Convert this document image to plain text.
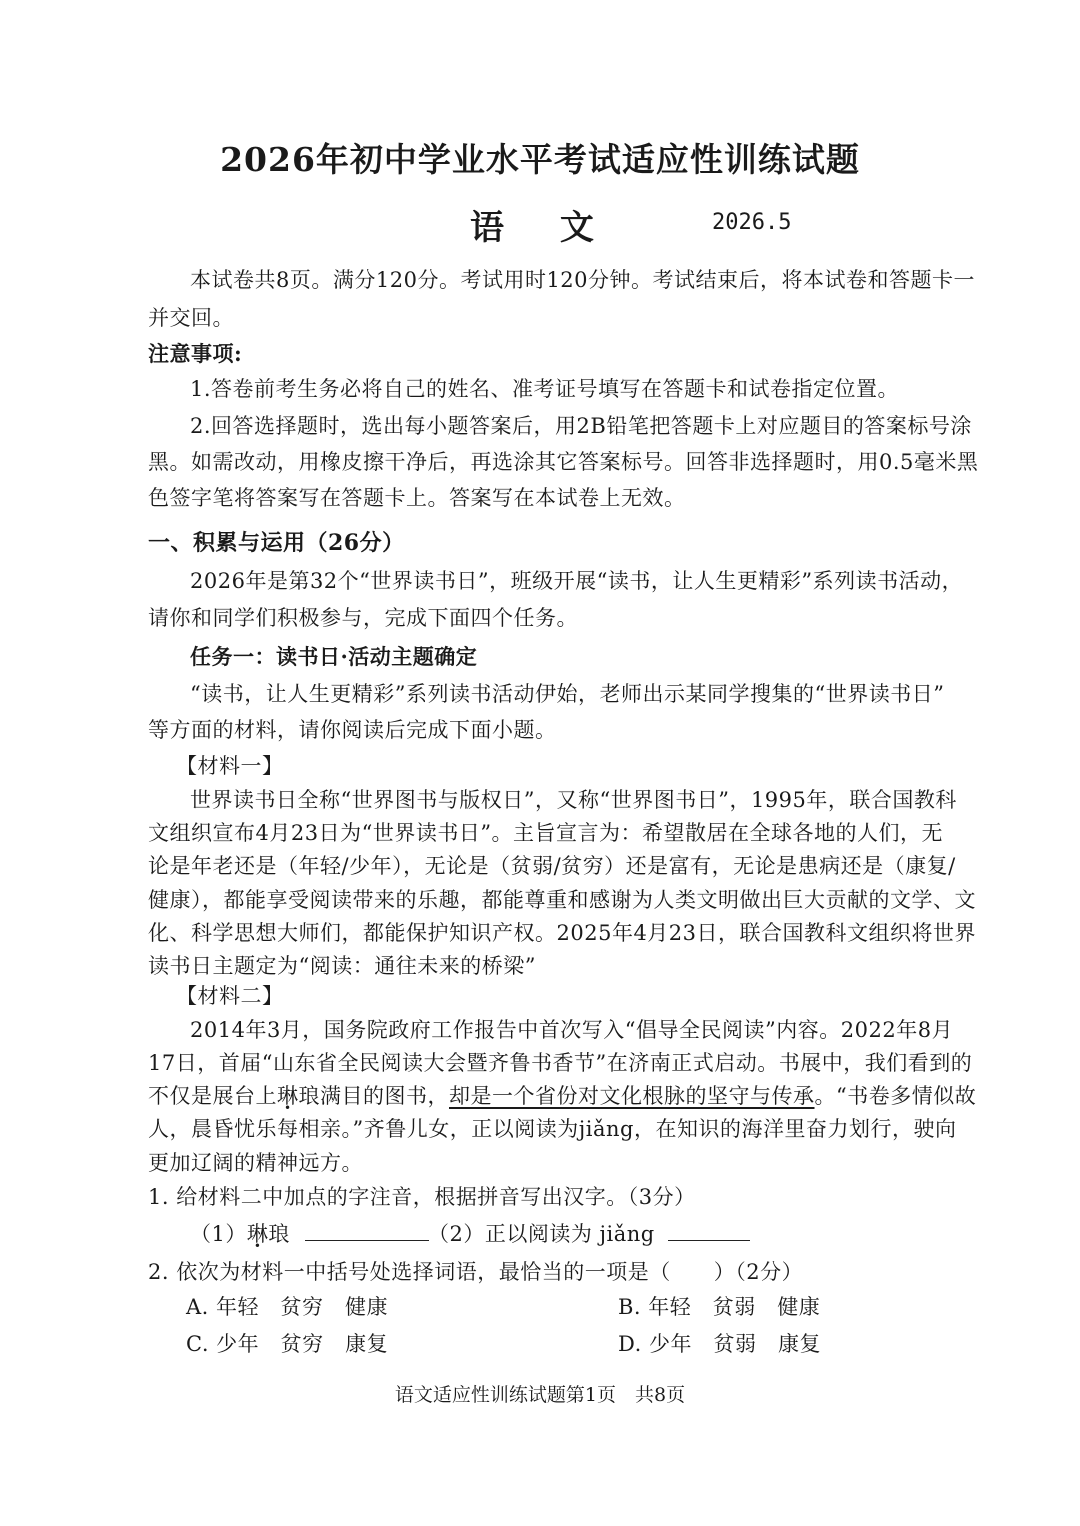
2026年初中学业水平考试适应性训练试题
语 文	2026.5
本试卷共8页。满分120分。考试用时120分钟。考试结束后，将本试卷和答题卡一
并交回。
注意事项:
1.答卷前考生务必将自己的姓名、准考证号填写在答题卡和试卷指定位置。
2.回答选择题时，选出每小题答案后，用2B铅笔把答题卡上对应题目的答案标号涂
黑。如需改动，用橡皮擦干净后，再选涂其它答案标号。回答非选择题时，用0.5毫米黑
色签字笔将答案写在答题卡上。答案写在本试卷上无效。
一、积累与运用（26分）
2026年是第32个“世界读书日”，班级开展“读书，让人生更精彩”系列读书活动，
请你和同学们积极参与，完成下面四个任务。
任务一：读书日·活动主题确定
“读书，让人生更精彩”系列读书活动伊始，老师出示某同学搜集的“世界读书日”
等方面的材料，请你阅读后完成下面小题。
【材料一】
世界读书日全称“世界图书与版权日”，又称“世界图书日”，1995年，联合国教科
文组织宣布4月23日为“世界读书日”。主旨宣言为：希望散居在全球各地的人们，无
论是年老还是（年轻/少年），无论是（贫弱/贫穷）还是富有，无论是患病还是（康复/
健康），都能享受阅读带来的乐趣，都能尊重和感谢为人类文明做出巨大贡献的文学、文
化、科学思想大师们，都能保护知识产权。2025年4月23日，联合国教科文组织将世界
读书日主题定为“阅读：通往未来的桥梁”
【材料二】
2014年3月，国务院政府工作报告中首次写入“倡导全民阅读”内容。2022年8月
17日，首届“山东省全民阅读大会暨齐鲁书香节”在济南正式启动。书展中，我们看到的
不仅是展台上琳琅满目的图书，却是一个省份对文化根脉的坚守与传承。“书卷多情似故
人，晨昏忧乐每相亲。”齐鲁儿女，正以阅读为jiǎng，在知识的海洋里奋力划行，驶向
更加辽阔的精神远方。
1. 给材料二中加点的字注音，根据拼音写出汉字。（3分）
（1）琳琅	（2）正以阅读为 jiǎng
2. 依次为材料一中括号处选择词语，最恰当的一项是（　　）（2分）
A. 年轻　贫穷　健康	B. 年轻　贫弱　健康
C. 少年　贫穷　康复	D. 少年　贫弱　康复
语文适应性训练试题第1页　共8页
